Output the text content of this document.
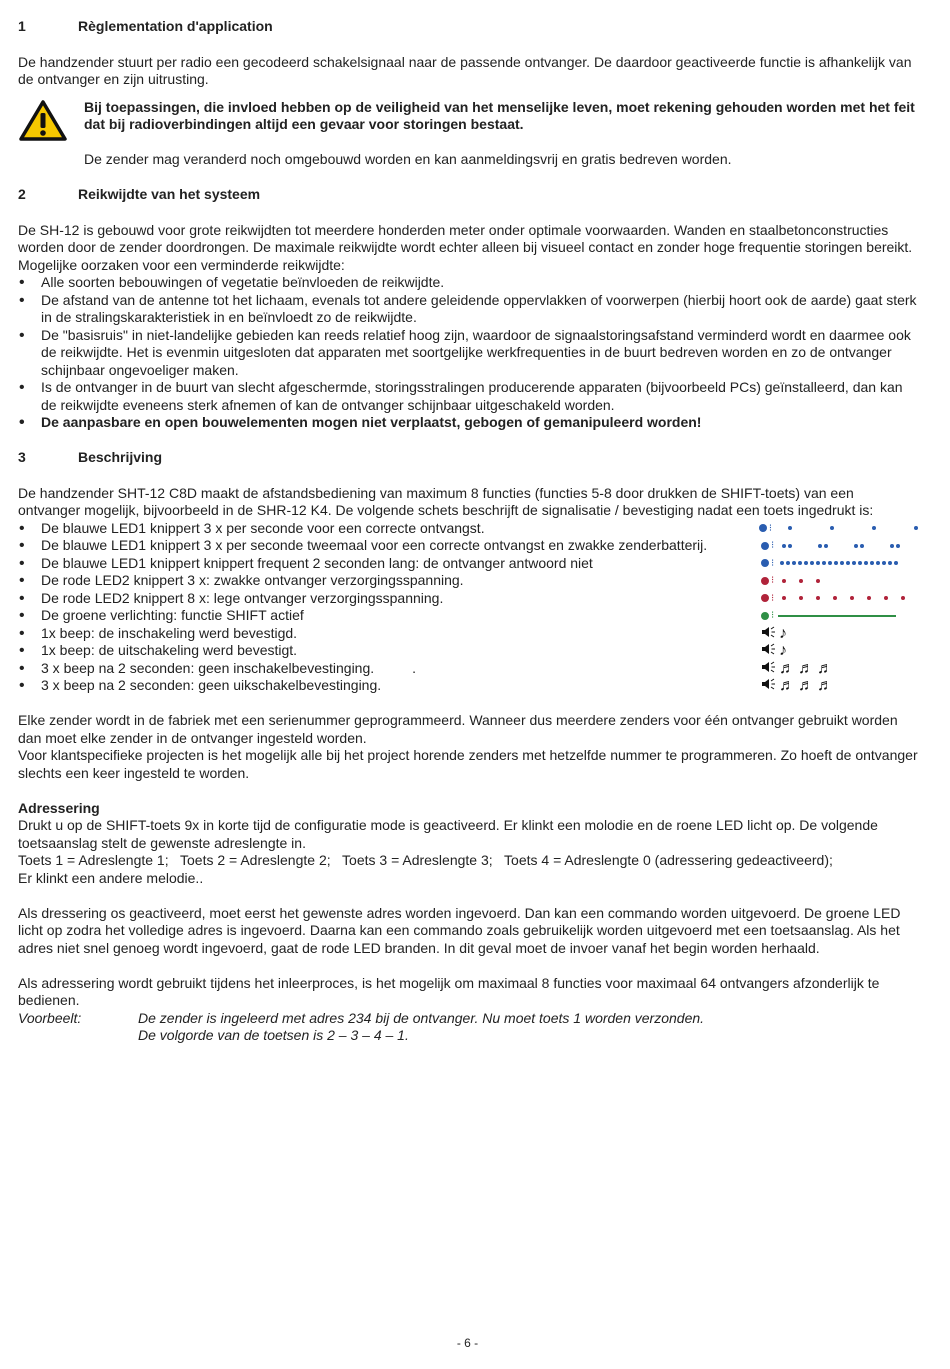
1	Règlementation d'application

De handzender stuurt per radio een gecodeerd schakelsignaal naar de passende ontvanger. De daardoor geactiveerde functie is afhankelijk van de ontvanger en zijn uitrusting.

Bij toepassingen, die invloed hebben op de veiligheid van het menselijke leven, moet rekening gehouden worden met het feit dat bij radioverbindingen altijd een gevaar voor storingen bestaat.

De zender mag veranderd noch omgebouwd worden en kan aanmeldingsvrij en gratis bedreven worden.

2	Reikwijdte van het systeem

De SH-12 is gebouwd voor grote reikwijdten tot meerdere honderden meter onder optimale voorwaarden. Wanden en staalbetonconstructies worden door de zender doordrongen. De maximale reikwijdte wordt echter alleen bij visueel contact en zonder hoge frequentie storingen bereikt.

Mogelijke oorzaken voor een verminderde reikwijdte:

• Alle soorten bebouwingen of vegetatie beïnvloeden de reikwijdte.
• De afstand van de antenne tot het lichaam, evenals tot andere geleidende oppervlakken of voorwerpen (hierbij hoort ook de aarde) gaat sterk in de stralingskarakteristiek in en beïnvloedt zo de reikwijdte.
• De "basisruis" in niet-landelijke gebieden kan reeds relatief hoog zijn, waardoor de signaalstoringsafstand verminderd wordt en daarmee ook de reikwijdte. Het is evenmin uitgesloten dat apparaten met soortgelijke werkfrequenties in de buurt bedreven worden en zo de ontvanger schijnbaar ongevoeliger maken.
• Is de ontvanger in de buurt van slecht afgeschermde, storingsstralingen producerende apparaten (bijvoorbeeld PCs) geïnstalleerd, dan kan de reikwijdte eveneens sterk afnemen of kan de ontvanger schijnbaar uitgeschakeld worden.
• De aanpasbare en open bouwelementen mogen niet verplaatst, gebogen of gemanipuleerd worden!
3	Beschrijving

De handzender SHT-12 C8D maakt de afstandsbediening van maximum 8 functies (functies 5-8 door drukken de SHIFT-toets) van een ontvanger mogelijk, bijvoorbeeld in de SHR-12 K4. De volgende schets beschrijft de signalisatie / bevestiging nadat een toets ingedrukt is:

• De blauwe LED1 knippert 3 x per seconde voor een correcte ontvangst.	⁝
• De blauwe LED1 knippert 3 x per seconde tweemaal voor een correcte ontvangst en zwakke zenderbatterij.	⁝
• De blauwe LED1 knippert knippert frequent 2 seconden lang: de ontvanger antwoord niet	⁝
• De rode LED2 knippert 3 x: zwakke ontvanger verzorgingsspanning.	⁝
• De rode LED2 knippert 8 x: lege ontvanger verzorgingsspanning.	⁝
• De groene verlichting: functie SHIFT actief	⁝
• 1x beep: de inschakeling werd bevestigd.	♪
• 1x beep: de uitschakeling werd bevestigt.	♪
• 3 x beep na 2 seconden: geen inschakelbevestinging.	.	♬♬♬
• 3 x beep na 2 seconden: geen uikschakelbevestinging.	♬♬♬

Elke zender wordt in de fabriek met een serienummer geprogrammeerd. Wanneer dus meerdere zenders voor één ontvanger gebruikt worden dan moet elke zender in de ontvanger ingesteld worden.

Voor klantspecifieke projecten is het mogelijk alle bij het project horende zenders met hetzelfde nummer te programmeren. Zo hoeft de ontvanger slechts een keer ingesteld te worden.

Adressering

Drukt u op de SHIFT-toets 9x in korte tijd de configuratie mode is geactiveerd. Er klinkt een molodie en de roene LED licht op. De volgende toetsaanslag stelt de gewenste adreslengte in.

Toets 1 = Adreslengte 1;   Toets 2 = Adreslengte 2;   Toets 3 = Adreslengte 3;   Toets 4 = Adreslengte 0 (adressering gedeactiveerd);

Er klinkt een andere melodie..

Als dressering os geactiveerd, moet eerst het gewenste adres worden ingevoerd. Dan kan een commando worden uitgevoerd. De groene LED licht op zodra het volledige adres is ingevoerd. Daarna kan een commando zoals gebruikelijk worden uitgevoerd met een toetsaanslag. Als het adres niet snel genoeg wordt ingevoerd, gaat de rode LED branden. In dit geval moet de invoer vanaf het begin worden herhaald.

Als adressering wordt gebruikt tijdens het inleerproces, is het mogelijk om maximaal 8 functies voor maximaal 64 ontvangers afzonderlijk te bedienen.

Voorbeelt:	De zender is ingeleerd met adres 234 bij de ontvanger. Nu moet toets 1 worden verzonden.
De volgorde van de toetsen is 2 – 3 – 4 – 1.
- 6 -
